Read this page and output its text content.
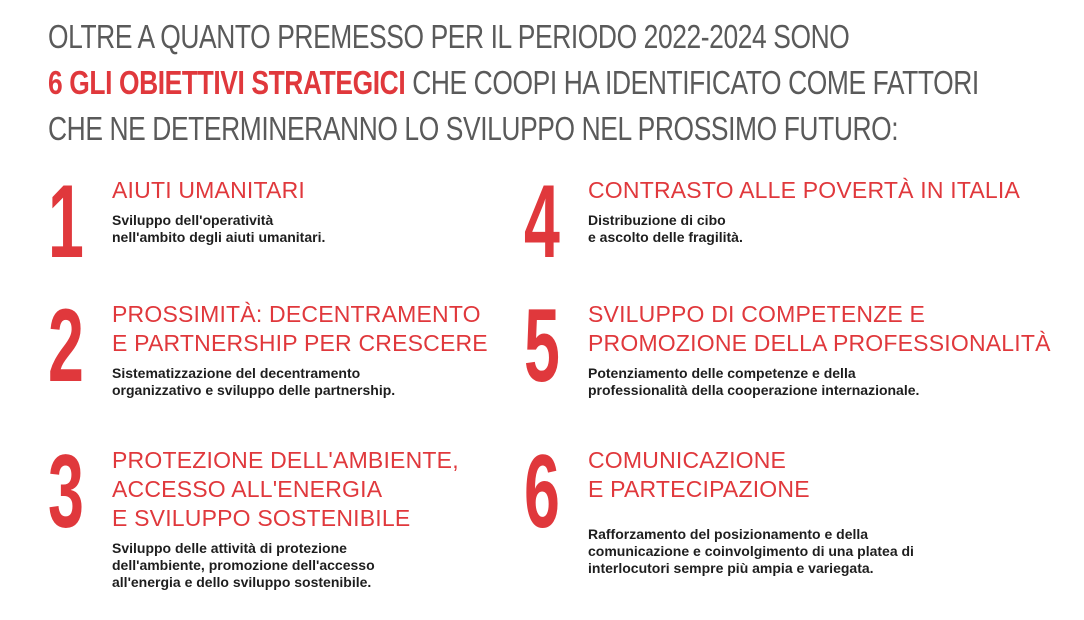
OLTRE A QUANTO PREMESSO PER IL PERIODO 2022-2024 SONO
6 GLI OBIETTIVI STRATEGICI CHE COOPI HA IDENTIFICATO COME FATTORI
CHE NE DETERMINERANNO LO SVILUPPO NEL PROSSIMO FUTURO:
1 AIUTI UMANITARI
Sviluppo dell'operatività
nell'ambito degli aiuti umanitari.
2 PROSSIMITÀ: DECENTRAMENTO
E PARTNERSHIP PER CRESCERE
Sistematizzazione del decentramento
organizzativo e sviluppo delle partnership.
3 PROTEZIONE DELL'AMBIENTE,
ACCESSO ALL'ENERGIA
E SVILUPPO SOSTENIBILE
Sviluppo delle attività di protezione
dell'ambiente, promozione dell'accesso
all'energia e dello sviluppo sostenibile.
4 CONTRASTO ALLE POVERTÀ IN ITALIA
Distribuzione di cibo
e ascolto delle fragilità.
5 SVILUPPO DI COMPETENZE E
PROMOZIONE DELLA PROFESSIONALITÀ
Potenziamento delle competenze e della
professionalità della cooperazione internazionale.
6 COMUNICAZIONE
E PARTECIPAZIONE
Rafforzamento del posizionamento e della
comunicazione e coinvolgimento di una platea di
interlocutori sempre più ampia e variegata.
